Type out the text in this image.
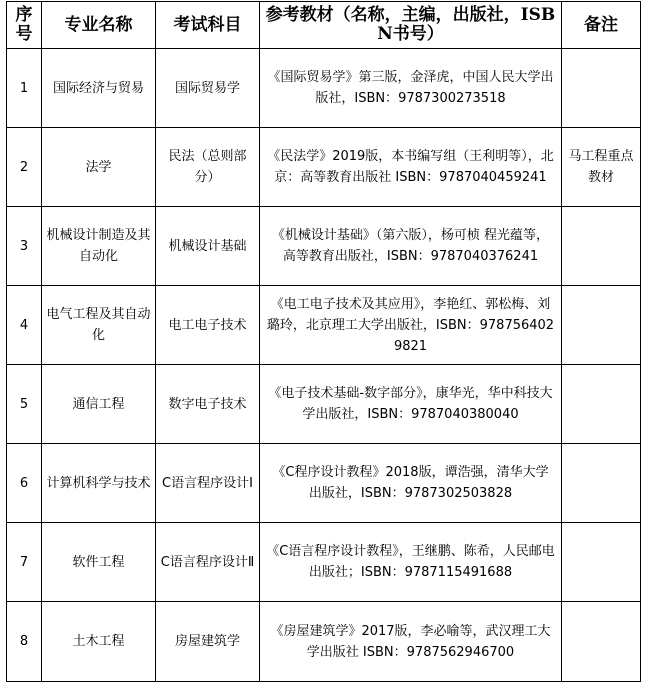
序号	专业名称	考试科目	参考教材（名称，主编，出版社，ISBN书号）	备注
1	国际经济与贸易	国际贸易学	《国际贸易学》第三版，金泽虎，中国人民大学出版社，ISBN：9787300273518	
2	法学	民法（总则部分）	《民法学》2019版，本书编写组（王利明等），北京：高等教育出版社 ISBN：9787040459241	马工程重点教材
3	机械设计制造及其自动化	机械设计基础	《机械设计基础》（第六版），杨可桢 程光蕴等，高等教育出版社，ISBN：9787040376241	
4	电气工程及其自动化	电工电子技术	《电工电子技术及其应用》，李艳红、郭松梅、刘璐玲，北京理工大学出版社，ISBN：9787564029821	
5	通信工程	数字电子技术	《电子技术基础-数字部分》，康华光，华中科技大学出版社，ISBN：9787040380040	
6	计算机科学与技术	C语言程序设计Ⅰ	《C程序设计教程》2018版，谭浩强，清华大学出版社，ISBN：9787302503828	
7	软件工程	C语言程序设计Ⅱ	《C语言程序设计教程》，王继鹏、陈希，人民邮电出版社；ISBN：9787115491688	
8	土木工程	房屋建筑学	《房屋建筑学》2017版，李必喻等，武汉理工大学出版社 ISBN：9787562946700	
